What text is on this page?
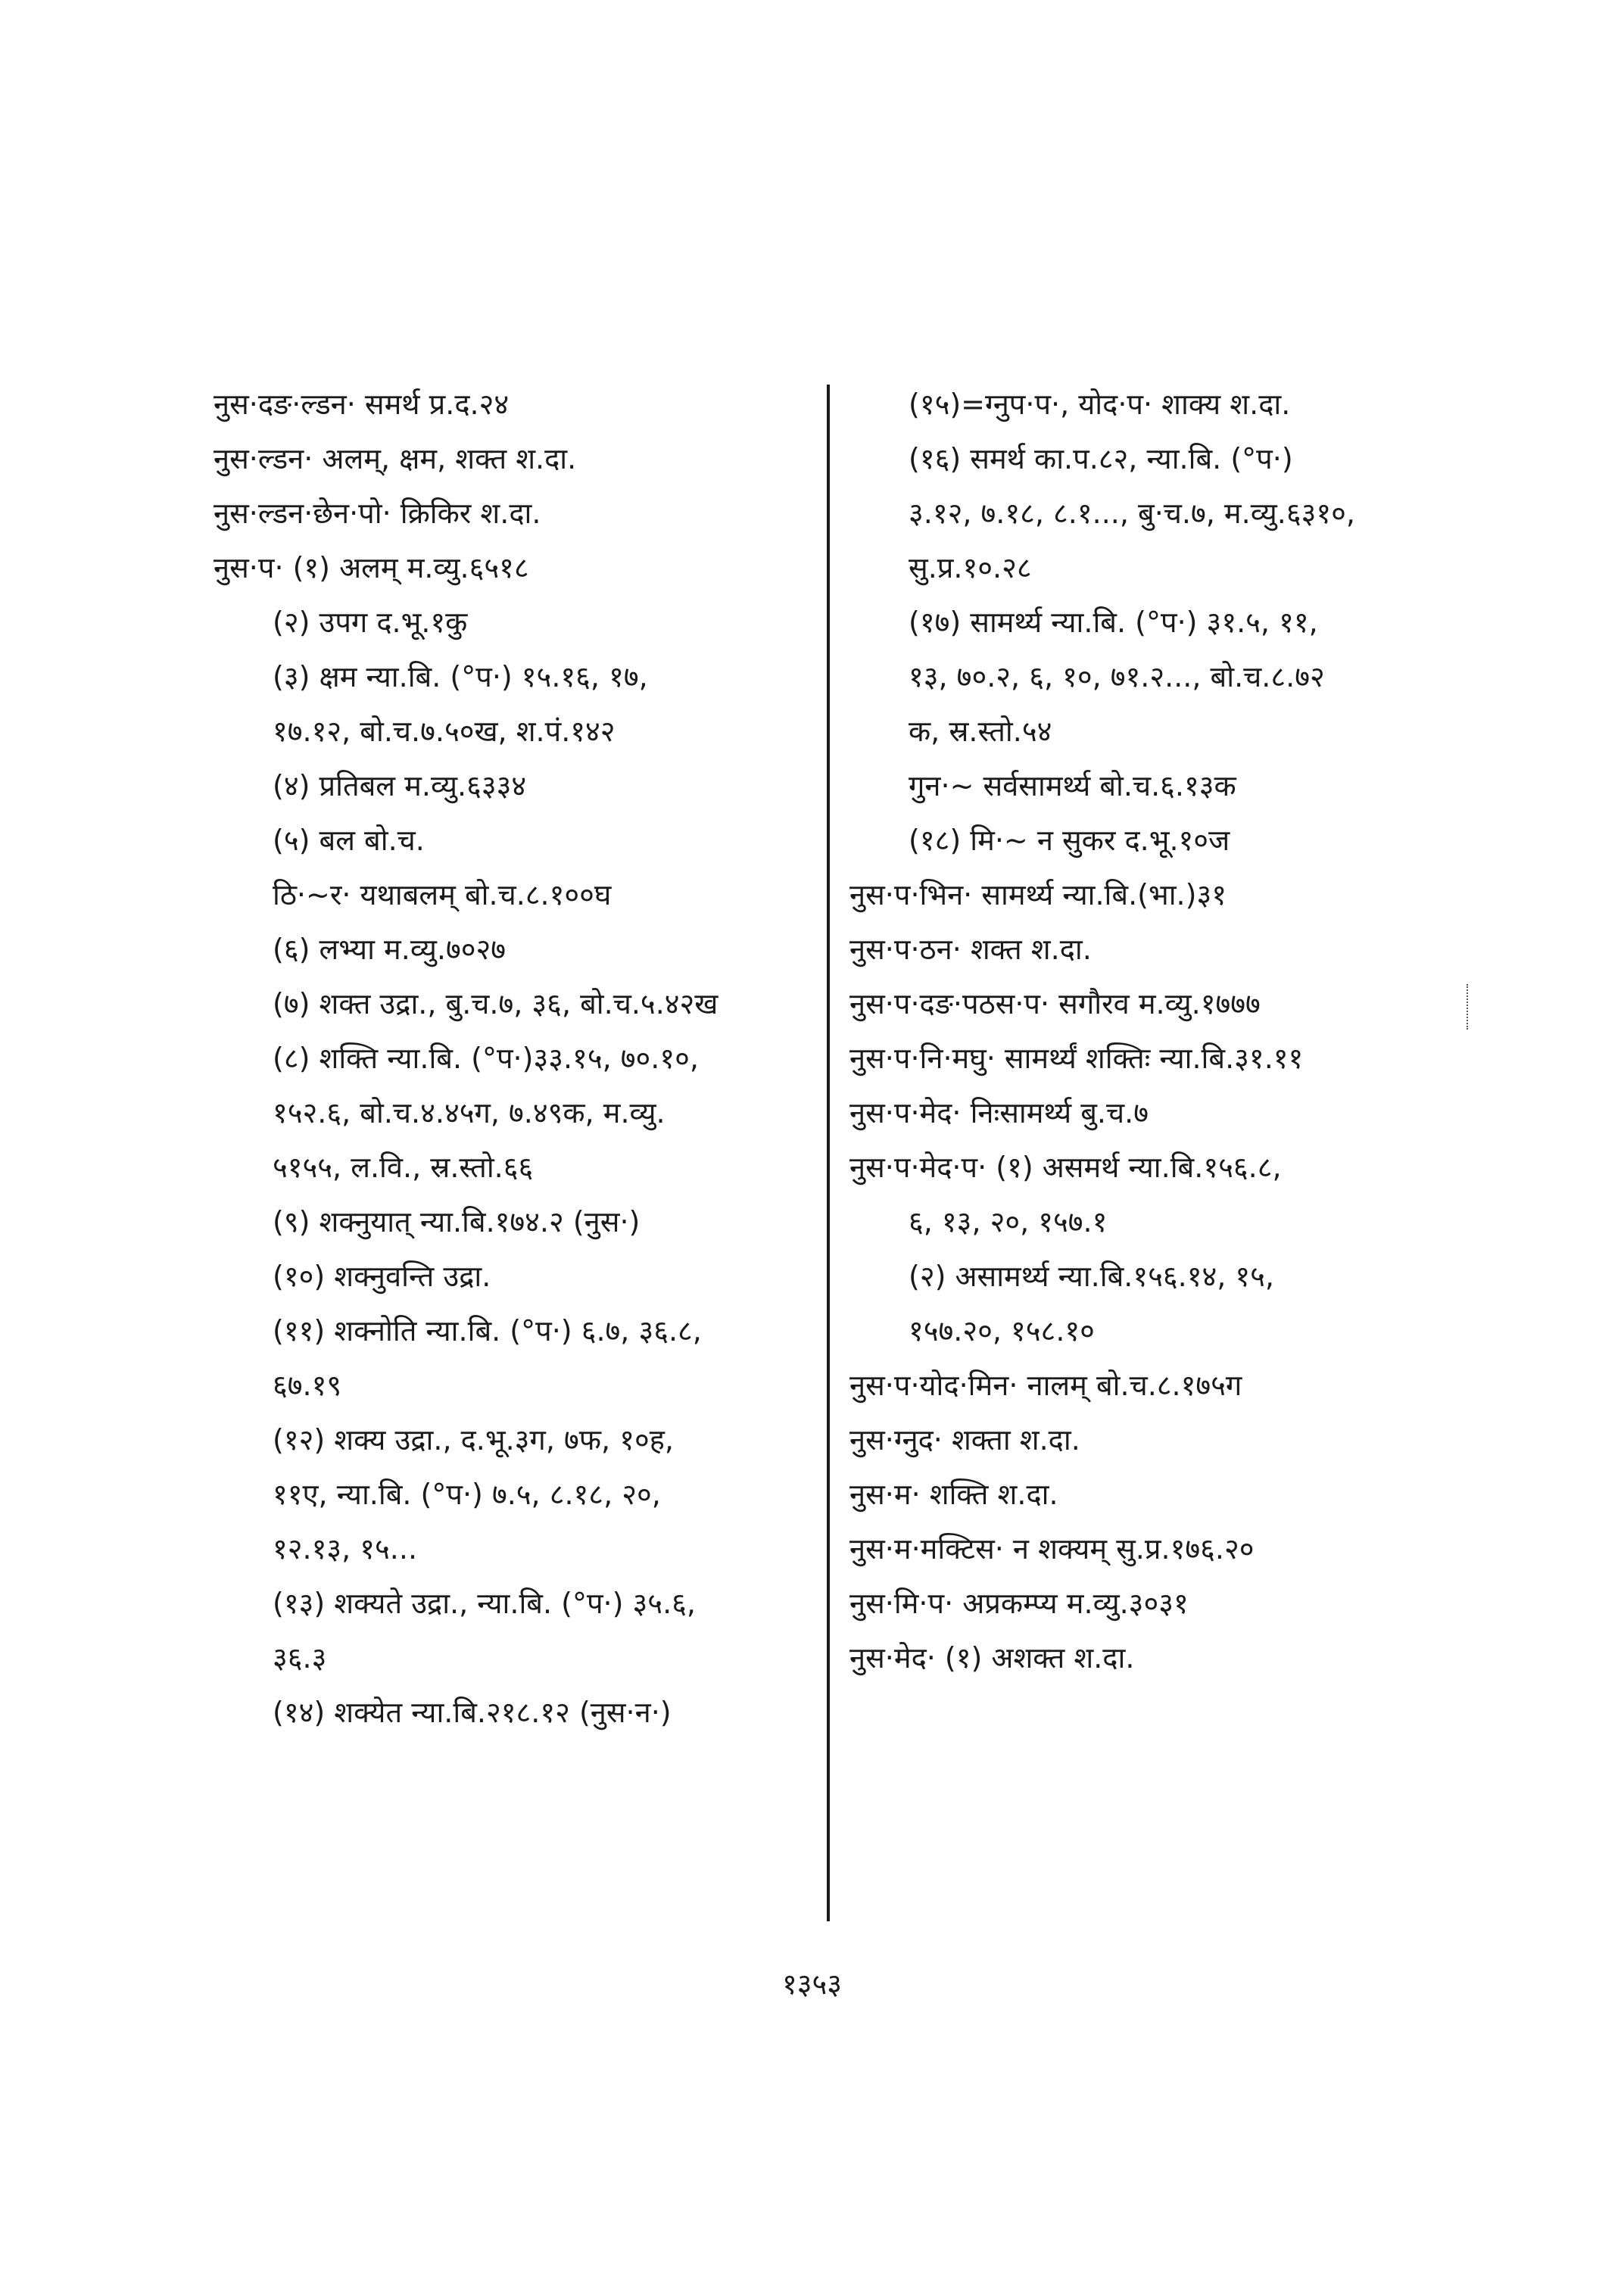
नुस·दङ·ल्डन· समर्थ प्र.द.२४
नुस·ल्डन· अलम्, क्षम, शक्त श.दा.
नुस·ल्डन·छेन·पो· क्रिकिर श.दा.
नुस·प· (१) अलम् म.व्यु.६५१८
(२) उपग द.भू.१कु
(३) क्षम न्या.बि. (°प·) १५.१६, १७,
१७.१२, बो.च.७.५०ख, श.पं.१४२
(४) प्रतिबल म.व्यु.६३३४
(५) बल बो.च.
ठि·~र· यथाबलम् बो.च.८.१००घ
(६) लभ्या म.व्यु.७०२७
(७) शक्त उद्रा., बु.च.७, ३६, बो.च.५.४२ख
(८) शक्ति न्या.बि. (°प·)३३.१५, ७०.१०,
१५२.६, बो.च.४.४५ग, ७.४९क, म.व्यु.
५१५५, ल.वि., स्र.स्तो.६६
(९) शक्नुयात् न्या.बि.१७४.२ (नुस·)
(१०) शक्नुवन्ति उद्रा.
(११) शक्नोति न्या.बि. (°प·) ६.७, ३६.८,
६७.१९
(१२) शक्य उद्रा., द.भू.३ग, ७फ, १०ह,
११ए, न्या.बि. (°प·) ७.५, ८.१८, २०,
१२.१३, १५...
(१३) शक्यते उद्रा., न्या.बि. (°प·) ३५.६,
३६.३
(१४) शक्येत न्या.बि.२१८.१२ (नुस·न·)
(१५)=ग्नुप·प·, योद·प· शाक्य श.दा.
(१६) समर्थ का.प.८२, न्या.बि. (°प·)
३.१२, ७.१८, ८.१..., बु·च.७, म.व्यु.६३१०,
सु.प्र.१०.२८
(१७) सामर्थ्य न्या.बि. (°प·) ३१.५, ११,
१३, ७०.२, ६, १०, ७१.२..., बो.च.८.७२
क, स्र.स्तो.५४
गुन·~ सर्वसामर्थ्य बो.च.६.१३क
(१८) मि·~ न सुकर द.भू.१०ज
नुस·प·भिन· सामर्थ्य न्या.बि.(भा.)३१
नुस·प·ठन· शक्त श.दा.
नुस·प·दङ·पठस·प· सगौरव म.व्यु.१७७७
नुस·प·नि·मघु· सामर्थ्यं शक्तिः न्या.बि.३१.११
नुस·प·मेद· निःसामर्थ्य बु.च.७
नुस·प·मेद·प· (१) असमर्थ न्या.बि.१५६.८,
६, १३, २०, १५७.१
(२) असामर्थ्य न्या.बि.१५६.१४, १५,
१५७.२०, १५८.१०
नुस·प·योद·मिन· नालम् बो.च.८.१७५ग
नुस·ग्नुद· शक्ता श.दा.
नुस·म· शक्ति श.दा.
नुस·म·मक्टिस· न शक्यम् सु.प्र.१७६.२०
नुस·मि·प· अप्रकम्प्य म.व्यु.३०३१
नुस·मेद· (१) अशक्त श.दा.
१३५३
